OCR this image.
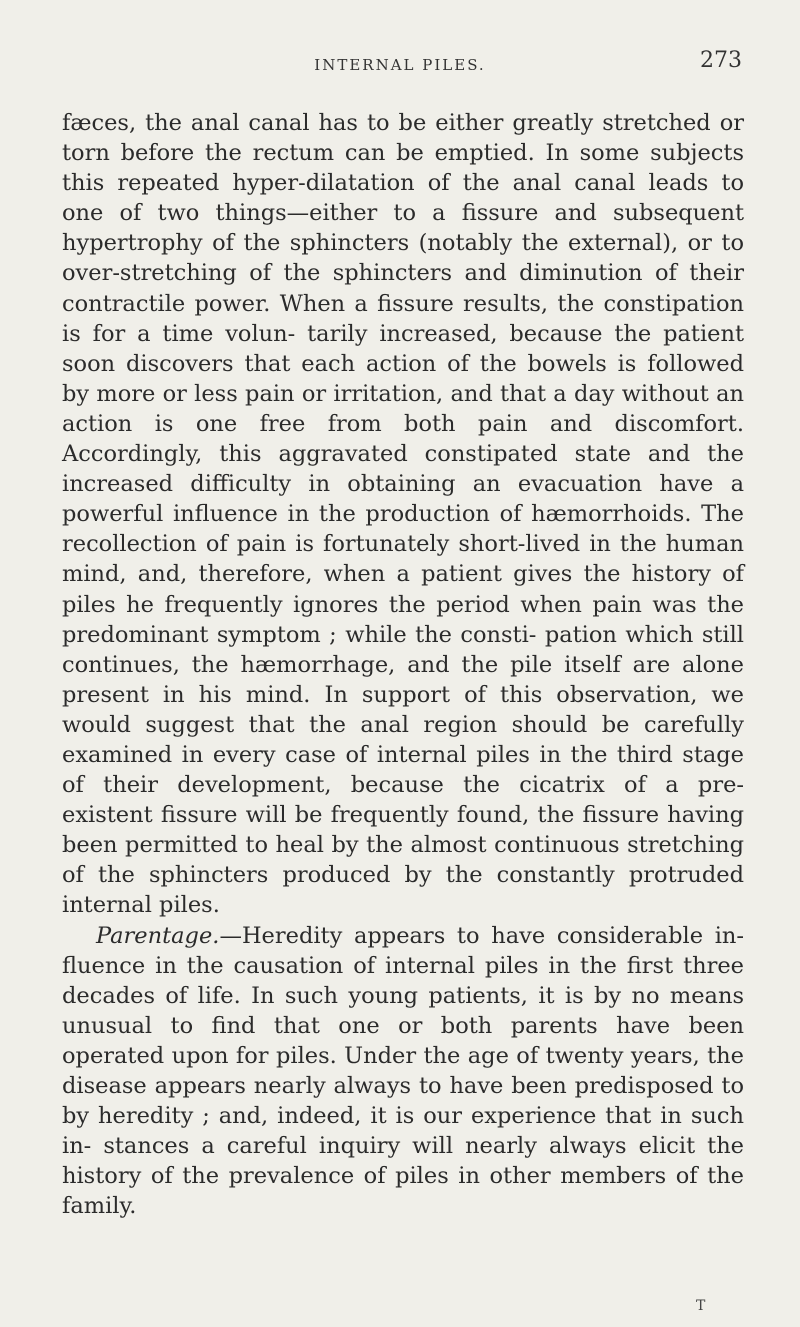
INTERNAL PILES.	273

fæces, the anal canal has to be either greatly stretched or torn before the rectum can be emptied. In some subjects this repeated hyper-dilatation of the anal canal leads to one of two things—either to a fissure and subsequent hypertrophy of the sphincters (notably the external), or to over-stretching of the sphincters and diminution of their contractile power. When a fissure results, the constipation is for a time volun- tarily increased, because the patient soon discovers that each action of the bowels is followed by more or less pain or irritation, and that a day without an action is one free from both pain and discomfort. Accordingly, this aggravated constipated state and the increased difficulty in obtaining an evacuation have a powerful influence in the production of hæmorrhoids. The recollection of pain is fortunately short-lived in the human mind, and, therefore, when a patient gives the history of piles he frequently ignores the period when pain was the predominant symptom ; while the consti- pation which still continues, the hæmorrhage, and the pile itself are alone present in his mind. In support of this observation, we would suggest that the anal region should be carefully examined in every case of internal piles in the third stage of their development, because the cicatrix of a pre- existent fissure will be frequently found, the fissure having been permitted to heal by the almost continuous stretching of the sphincters produced by the constantly protruded internal piles.

Parentage.—Heredity appears to have considerable in- fluence in the causation of internal piles in the first three decades of life. In such young patients, it is by no means unusual to find that one or both parents have been operated upon for piles. Under the age of twenty years, the disease appears nearly always to have been predisposed to by heredity ; and, indeed, it is our experience that in such in- stances a careful inquiry will nearly always elicit the history of the prevalence of piles in other members of the family.

T
